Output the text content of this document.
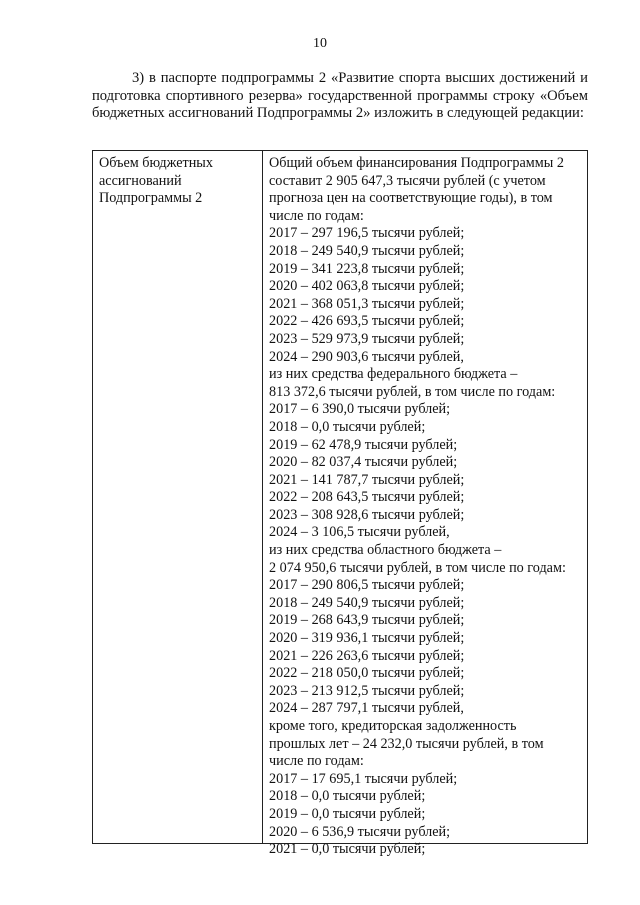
10

3) в паспорте подпрограммы 2 «Развитие спорта высших достижений и подготовка спортивного резерва» государственной программы строку «Объем бюджетных ассигнований Подпрограммы 2» изложить в следующей редакции:

Объем бюджетных
ассигнований
Подпрограммы 2
Общий объем финансирования Подпрограммы 2
составит 2 905 647,3 тысячи рублей (с учетом
прогноза цен на соответствующие годы), в том
числе по годам:
2017 – 297 196,5 тысячи рублей;
2018 – 249 540,9 тысячи рублей;
2019 – 341 223,8 тысячи рублей;
2020 – 402 063,8 тысячи рублей;
2021 – 368 051,3 тысячи рублей;
2022 – 426 693,5 тысячи рублей;
2023 – 529 973,9 тысячи рублей;
2024 – 290 903,6 тысячи рублей,
из них средства федерального бюджета –
813 372,6 тысячи рублей, в том числе по годам:
2017 – 6 390,0 тысячи рублей;
2018 – 0,0 тысячи рублей;
2019 – 62 478,9 тысячи рублей;
2020 – 82 037,4 тысячи рублей;
2021 – 141 787,7 тысячи рублей;
2022 – 208 643,5 тысячи рублей;
2023 – 308 928,6 тысячи рублей;
2024 – 3 106,5 тысячи рублей,
из них средства областного бюджета –
2 074 950,6 тысячи рублей, в том числе по годам:
2017 – 290 806,5 тысячи рублей;
2018 – 249 540,9 тысячи рублей;
2019 – 268 643,9 тысячи рублей;
2020 – 319 936,1 тысячи рублей;
2021 – 226 263,6 тысячи рублей;
2022 – 218 050,0 тысячи рублей;
2023 – 213 912,5 тысячи рублей;
2024 – 287 797,1 тысячи рублей,
кроме того, кредиторская задолженность
прошлых лет – 24 232,0 тысячи рублей, в том
числе по годам:
2017 – 17 695,1 тысячи рублей;
2018 – 0,0 тысячи рублей;
2019 – 0,0 тысячи рублей;
2020 – 6 536,9 тысячи рублей;
2021 – 0,0 тысячи рублей;
